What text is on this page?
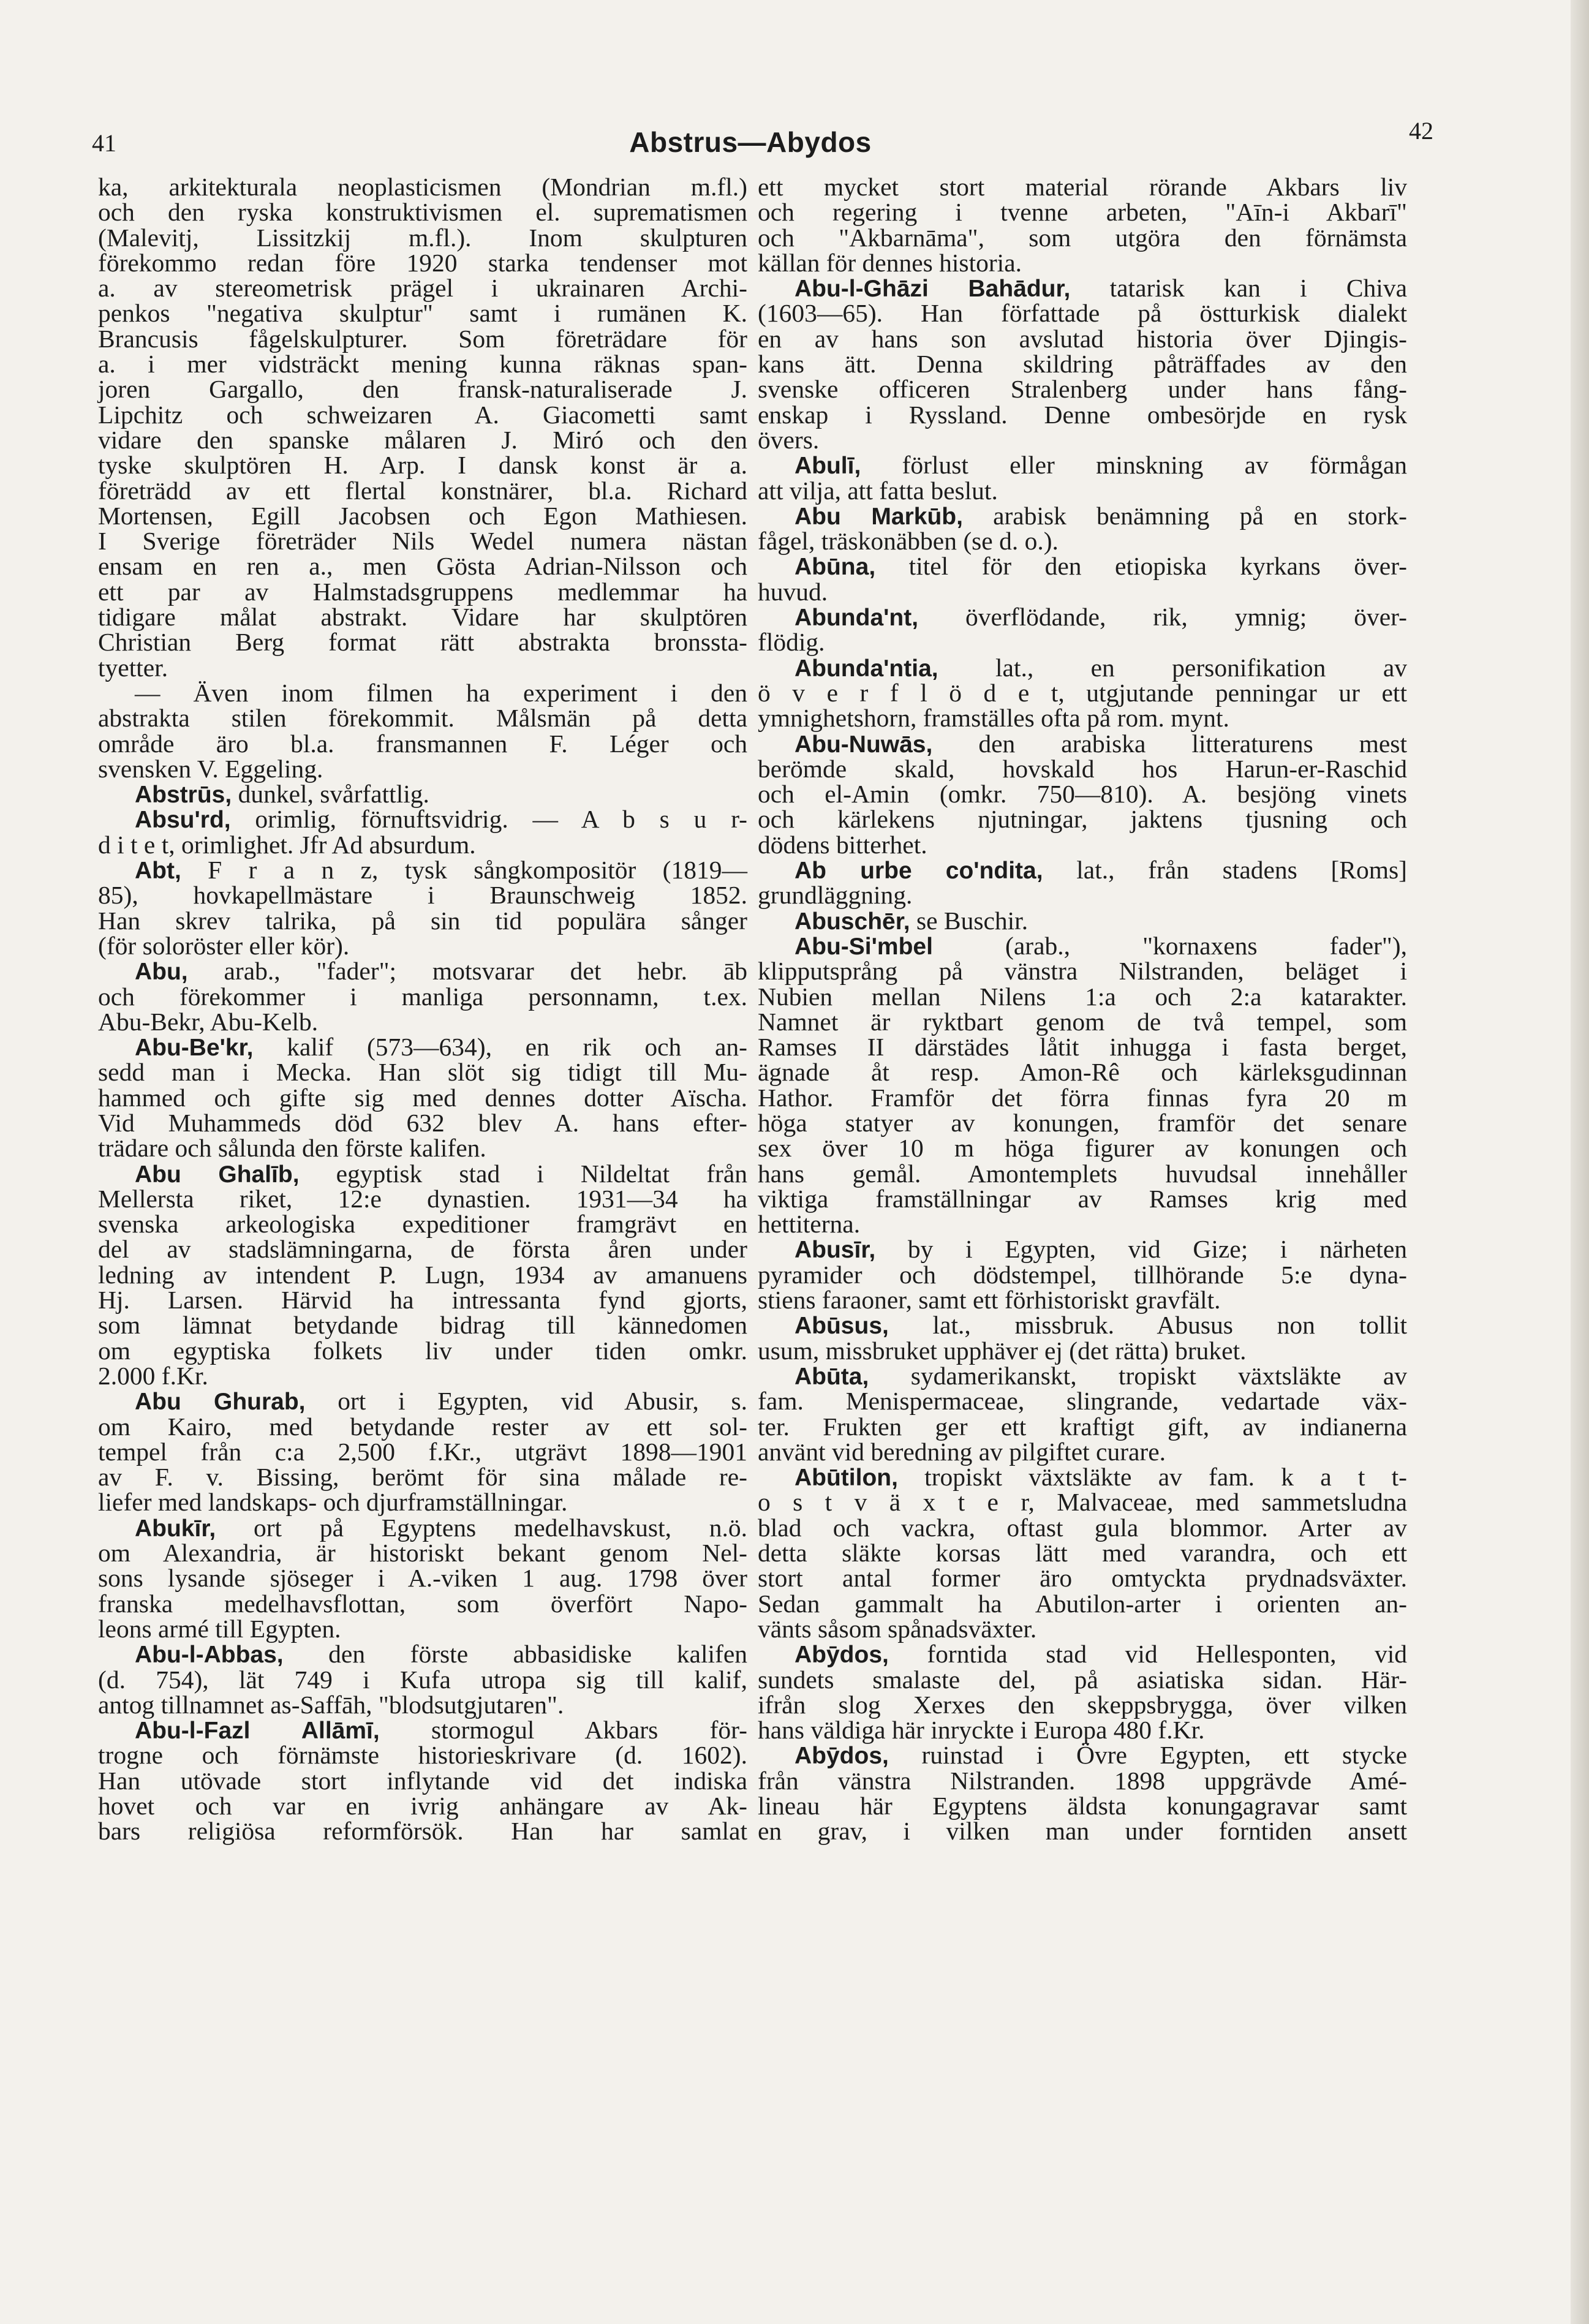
41	Abstrus—Abydos	42
ka, arkitekturala neoplasticismen (Mondrian m.fl.)
och den ryska konstruktivismen el. suprematismen
(Malevitj, Lissitzkij m.fl.). Inom skulpturen
förekommo redan före 1920 starka tendenser mot
a. av stereometrisk prägel i ukrainaren Archi-
penkos "negativa skulptur" samt i rumänen K.
Brancusis fågelskulpturer. Som företrädare för
a. i mer vidsträckt mening kunna räknas span-
joren Gargallo, den fransk-naturaliserade J.
Lipchitz och schweizaren A. Giacometti samt
vidare den spanske målaren J. Miró och den
tyske skulptören H. Arp. I dansk konst är a.
företrädd av ett flertal konstnärer, bl.a. Richard
Mortensen, Egill Jacobsen och Egon Mathiesen.
I Sverige företräder Nils Wedel numera nästan
ensam en ren a., men Gösta Adrian-Nilsson och
ett par av Halmstadsgruppens medlemmar ha
tidigare målat abstrakt. Vidare har skulptören
Christian Berg format rätt abstrakta bronssta-
tyetter.
— Även inom filmen ha experiment i den
abstrakta stilen förekommit. Målsmän på detta
område äro bl.a. fransmannen F. Léger och
svensken V. Eggeling.
Abstrūs, dunkel, svårfattlig.
Absu'rd, orimlig, förnuftsvidrig. — A b s u r-
d i t e t, orimlighet. Jfr Ad absurdum.
Abt, F r a n z, tysk sångkompositör (1819—
85), hovkapellmästare i Braunschweig 1852.
Han skrev talrika, på sin tid populära sånger
(för soloröster eller kör).
Abu, arab., "fader"; motsvarar det hebr. āb
och förekommer i manliga personnamn, t.ex.
Abu-Bekr, Abu-Kelb.
Abu-Be'kr, kalif (573—634), en rik och an-
sedd man i Mecka. Han slöt sig tidigt till Mu-
hammed och gifte sig med dennes dotter Aïscha.
Vid Muhammeds död 632 blev A. hans efter-
trädare och sålunda den förste kalifen.
Abu Ghalīb, egyptisk stad i Nildeltat från
Mellersta riket, 12:e dynastien. 1931—34 ha
svenska arkeologiska expeditioner framgrävt en
del av stadslämningarna, de första åren under
ledning av intendent P. Lugn, 1934 av amanuens
Hj. Larsen. Härvid ha intressanta fynd gjorts,
som lämnat betydande bidrag till kännedomen
om egyptiska folkets liv under tiden omkr.
2.000 f.Kr.
Abu Ghurab, ort i Egypten, vid Abusir, s.
om Kairo, med betydande rester av ett sol-
tempel från c:a 2,500 f.Kr., utgrävt 1898—1901
av F. v. Bissing, berömt för sina målade re-
liefer med landskaps- och djurframställningar.
Abukīr, ort på Egyptens medelhavskust, n.ö.
om Alexandria, är historiskt bekant genom Nel-
sons lysande sjöseger i A.-viken 1 aug. 1798 över
franska medelhavsflottan, som överfört Napo-
leons armé till Egypten.
Abu-l-Abbas, den förste abbasidiske kalifen
(d. 754), lät 749 i Kufa utropa sig till kalif,
antog tillnamnet as-Saffāh, "blodsutgjutaren".
Abu-l-Fazl Allāmī, stormogul Akbars för-
trogne och förnämste historieskrivare (d. 1602).
Han utövade stort inflytande vid det indiska
hovet och var en ivrig anhängare av Ak-
bars religiösa reformförsök. Han har samlat
ett mycket stort material rörande Akbars liv
och regering i tvenne arbeten, "Aīn-i Akbarī"
och "Akbarnāma", som utgöra den förnämsta
källan för dennes historia.
Abu-l-Ghāzi Bahādur, tatarisk kan i Chiva
(1603—65). Han författade på östturkisk dialekt
en av hans son avslutad historia över Djingis-
kans ätt. Denna skildring påträffades av den
svenske officeren Stralenberg under hans fång-
enskap i Ryssland. Denne ombesörjde en rysk
övers.
Abulī, förlust eller minskning av förmågan
att vilja, att fatta beslut.
Abu Markūb, arabisk benämning på en stork-
fågel, träskonäbben (se d. o.).
Abūna, titel för den etiopiska kyrkans över-
huvud.
Abunda'nt, överflödande, rik, ymnig; över-
flödig.
Abunda'ntia, lat., en personifikation av
ö v e r f l ö d e t, utgjutande penningar ur ett
ymnighetshorn, framställes ofta på rom. mynt.
Abu-Nuwās, den arabiska litteraturens mest
berömde skald, hovskald hos Harun-er-Raschid
och el-Amin (omkr. 750—810). A. besjöng vinets
och kärlekens njutningar, jaktens tjusning och
dödens bitterhet.
Ab urbe co'ndita, lat., från stadens [Roms]
grundläggning.
Abuschēr, se Buschir.
Abu-Si'mbel (arab., "kornaxens fader"),
klipputsprång på vänstra Nilstranden, beläget i
Nubien mellan Nilens 1:a och 2:a katarakter.
Namnet är ryktbart genom de två tempel, som
Ramses II därstädes låtit inhugga i fasta berget,
ägnade åt resp. Amon-Rê och kärleksgudinnan
Hathor. Framför det förra finnas fyra 20 m
höga statyer av konungen, framför det senare
sex över 10 m höga figurer av konungen och
hans gemål. Amontemplets huvudsal innehåller
viktiga framställningar av Ramses krig med
hettiterna.
Abusīr, by i Egypten, vid Gize; i närheten
pyramider och dödstempel, tillhörande 5:e dyna-
stiens faraoner, samt ett förhistoriskt gravfält.
Abūsus, lat., missbruk. Abusus non tollit
usum, missbruket upphäver ej (det rätta) bruket.
Abūta, sydamerikanskt, tropiskt växtsläkte av
fam. Menispermaceae, slingrande, vedartade väx-
ter. Frukten ger ett kraftigt gift, av indianerna
använt vid beredning av pilgiftet curare.
Abūtilon, tropiskt växtsläkte av fam. k a t t-
o s t v ä x t e r, Malvaceae, med sammetsludna
blad och vackra, oftast gula blommor. Arter av
detta släkte korsas lätt med varandra, och ett
stort antal former äro omtyckta prydnadsväxter.
Sedan gammalt ha Abutilon-arter i orienten an-
vänts såsom spånadsväxter.
Abȳdos, forntida stad vid Hellesponten, vid
sundets smalaste del, på asiatiska sidan. Här-
ifrån slog Xerxes den skeppsbrygga, över vilken
hans väldiga här inryckte i Europa 480 f.Kr.
Abȳdos, ruinstad i Övre Egypten, ett stycke
från vänstra Nilstranden. 1898 uppgrävde Amé-
lineau här Egyptens äldsta konungagravar samt
en grav, i vilken man under forntiden ansett
